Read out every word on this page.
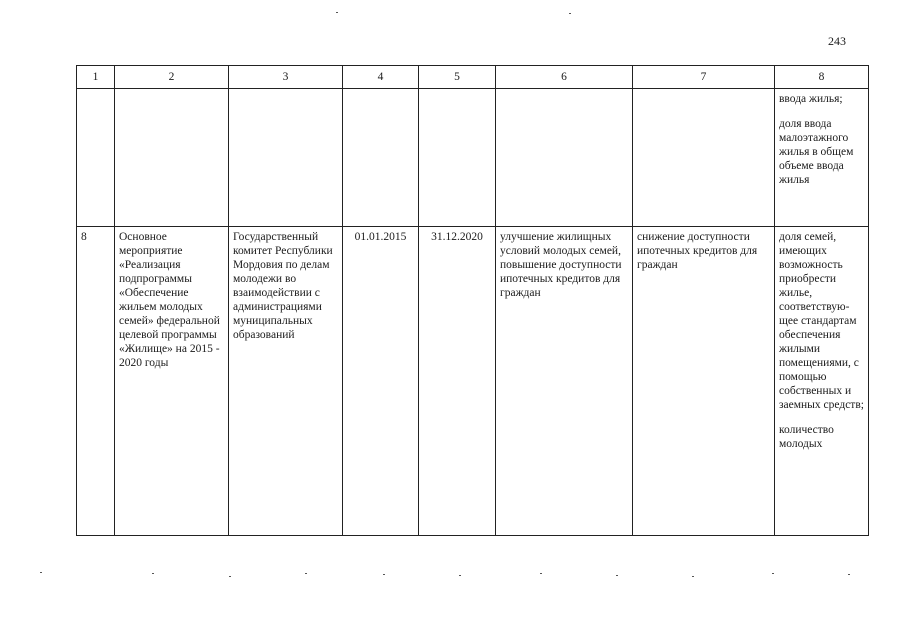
243
1	2	3	4	5	6	7	8

							ввода жилья;
доля ввода малоэтажного жилья в общем объеме ввода жилья

8	Основное мероприятие «Реализация подпрограммы «Обеспечение жильем молодых семей» федеральной целевой программы «Жилище» на 2015 - 2020 годы	Государственный комитет Республики Мордовия по делам молодежи во взаимодействии с администрациями муниципальных образований	01.01.2015	31.12.2020	улучшение жилищных условий молодых семей, повышение доступности ипотечных кредитов для граждан	снижение доступности ипотечных кредитов для граждан	доля семей, имеющих возможность приобрести жилье, соответствую-щее стандартам обеспечения жилыми помещениями, с помощью собственных и заемных средств;
количество молодых
